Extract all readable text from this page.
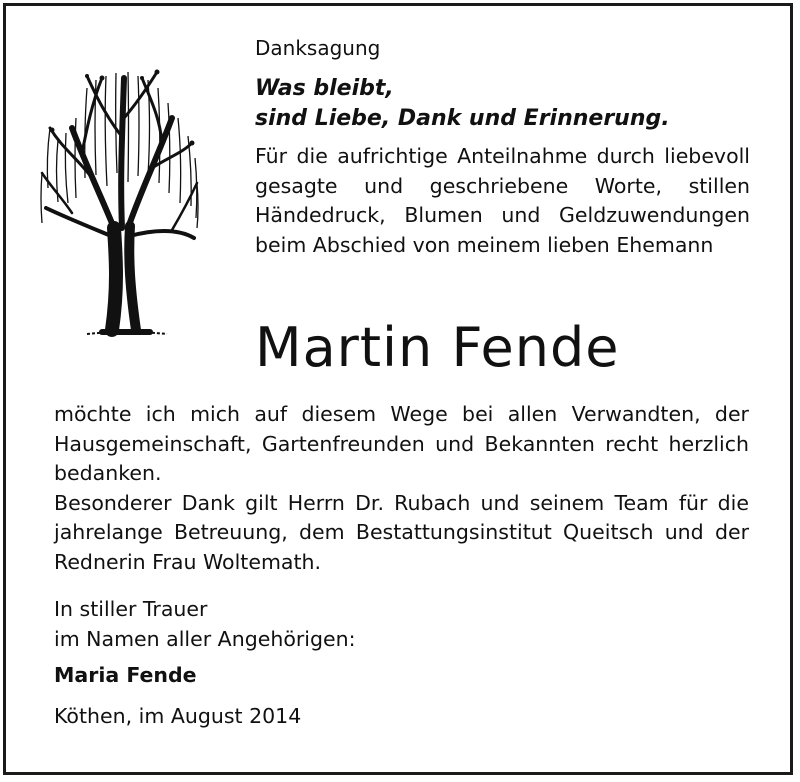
Danksagung
Was bleibt,
sind Liebe, Dank und Erinnerung.

Für die aufrichtige Anteilnahme durch liebevoll gesagte und geschriebene Worte, stillen Händedruck, Blumen und Geldzuwendungen beim Abschied von meinem lieben Ehemann

Martin Fende

möchte ich mich auf diesem Wege bei allen Verwandten, der Hausgemeinschaft, Gartenfreunden und Bekannten recht herzlich bedanken.

Besonderer Dank gilt Herrn Dr. Rubach und seinem Team für die jahrelange Betreuung, dem Bestattungsinstitut Queitsch und der Rednerin Frau Woltemath.

In stiller Trauer
im Namen aller Angehörigen:
Maria Fende
Köthen, im August 2014
